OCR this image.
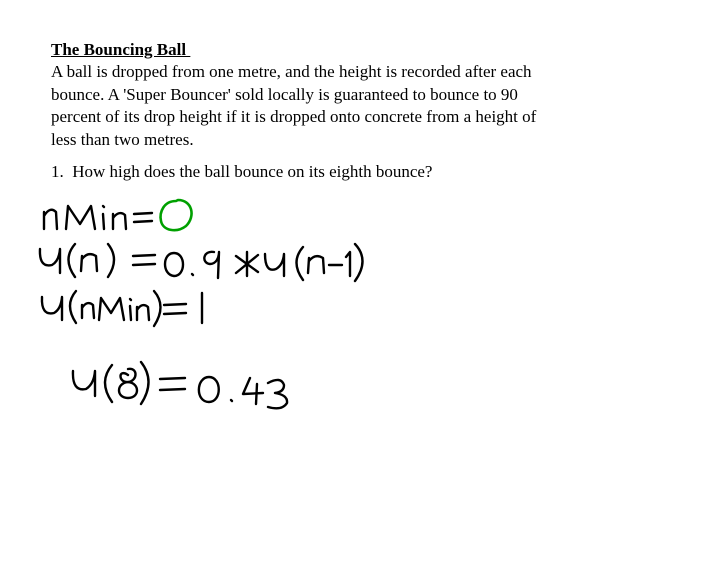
The Bouncing Ball
A ball is dropped from one metre, and the height is recorded after each
bounce. A 'Super Bouncer' sold locally is guaranteed to bounce to 90
percent of its drop height if it is dropped onto concrete from a height of
less than two metres.
1.  How high does the ball bounce on its eighth bounce?
